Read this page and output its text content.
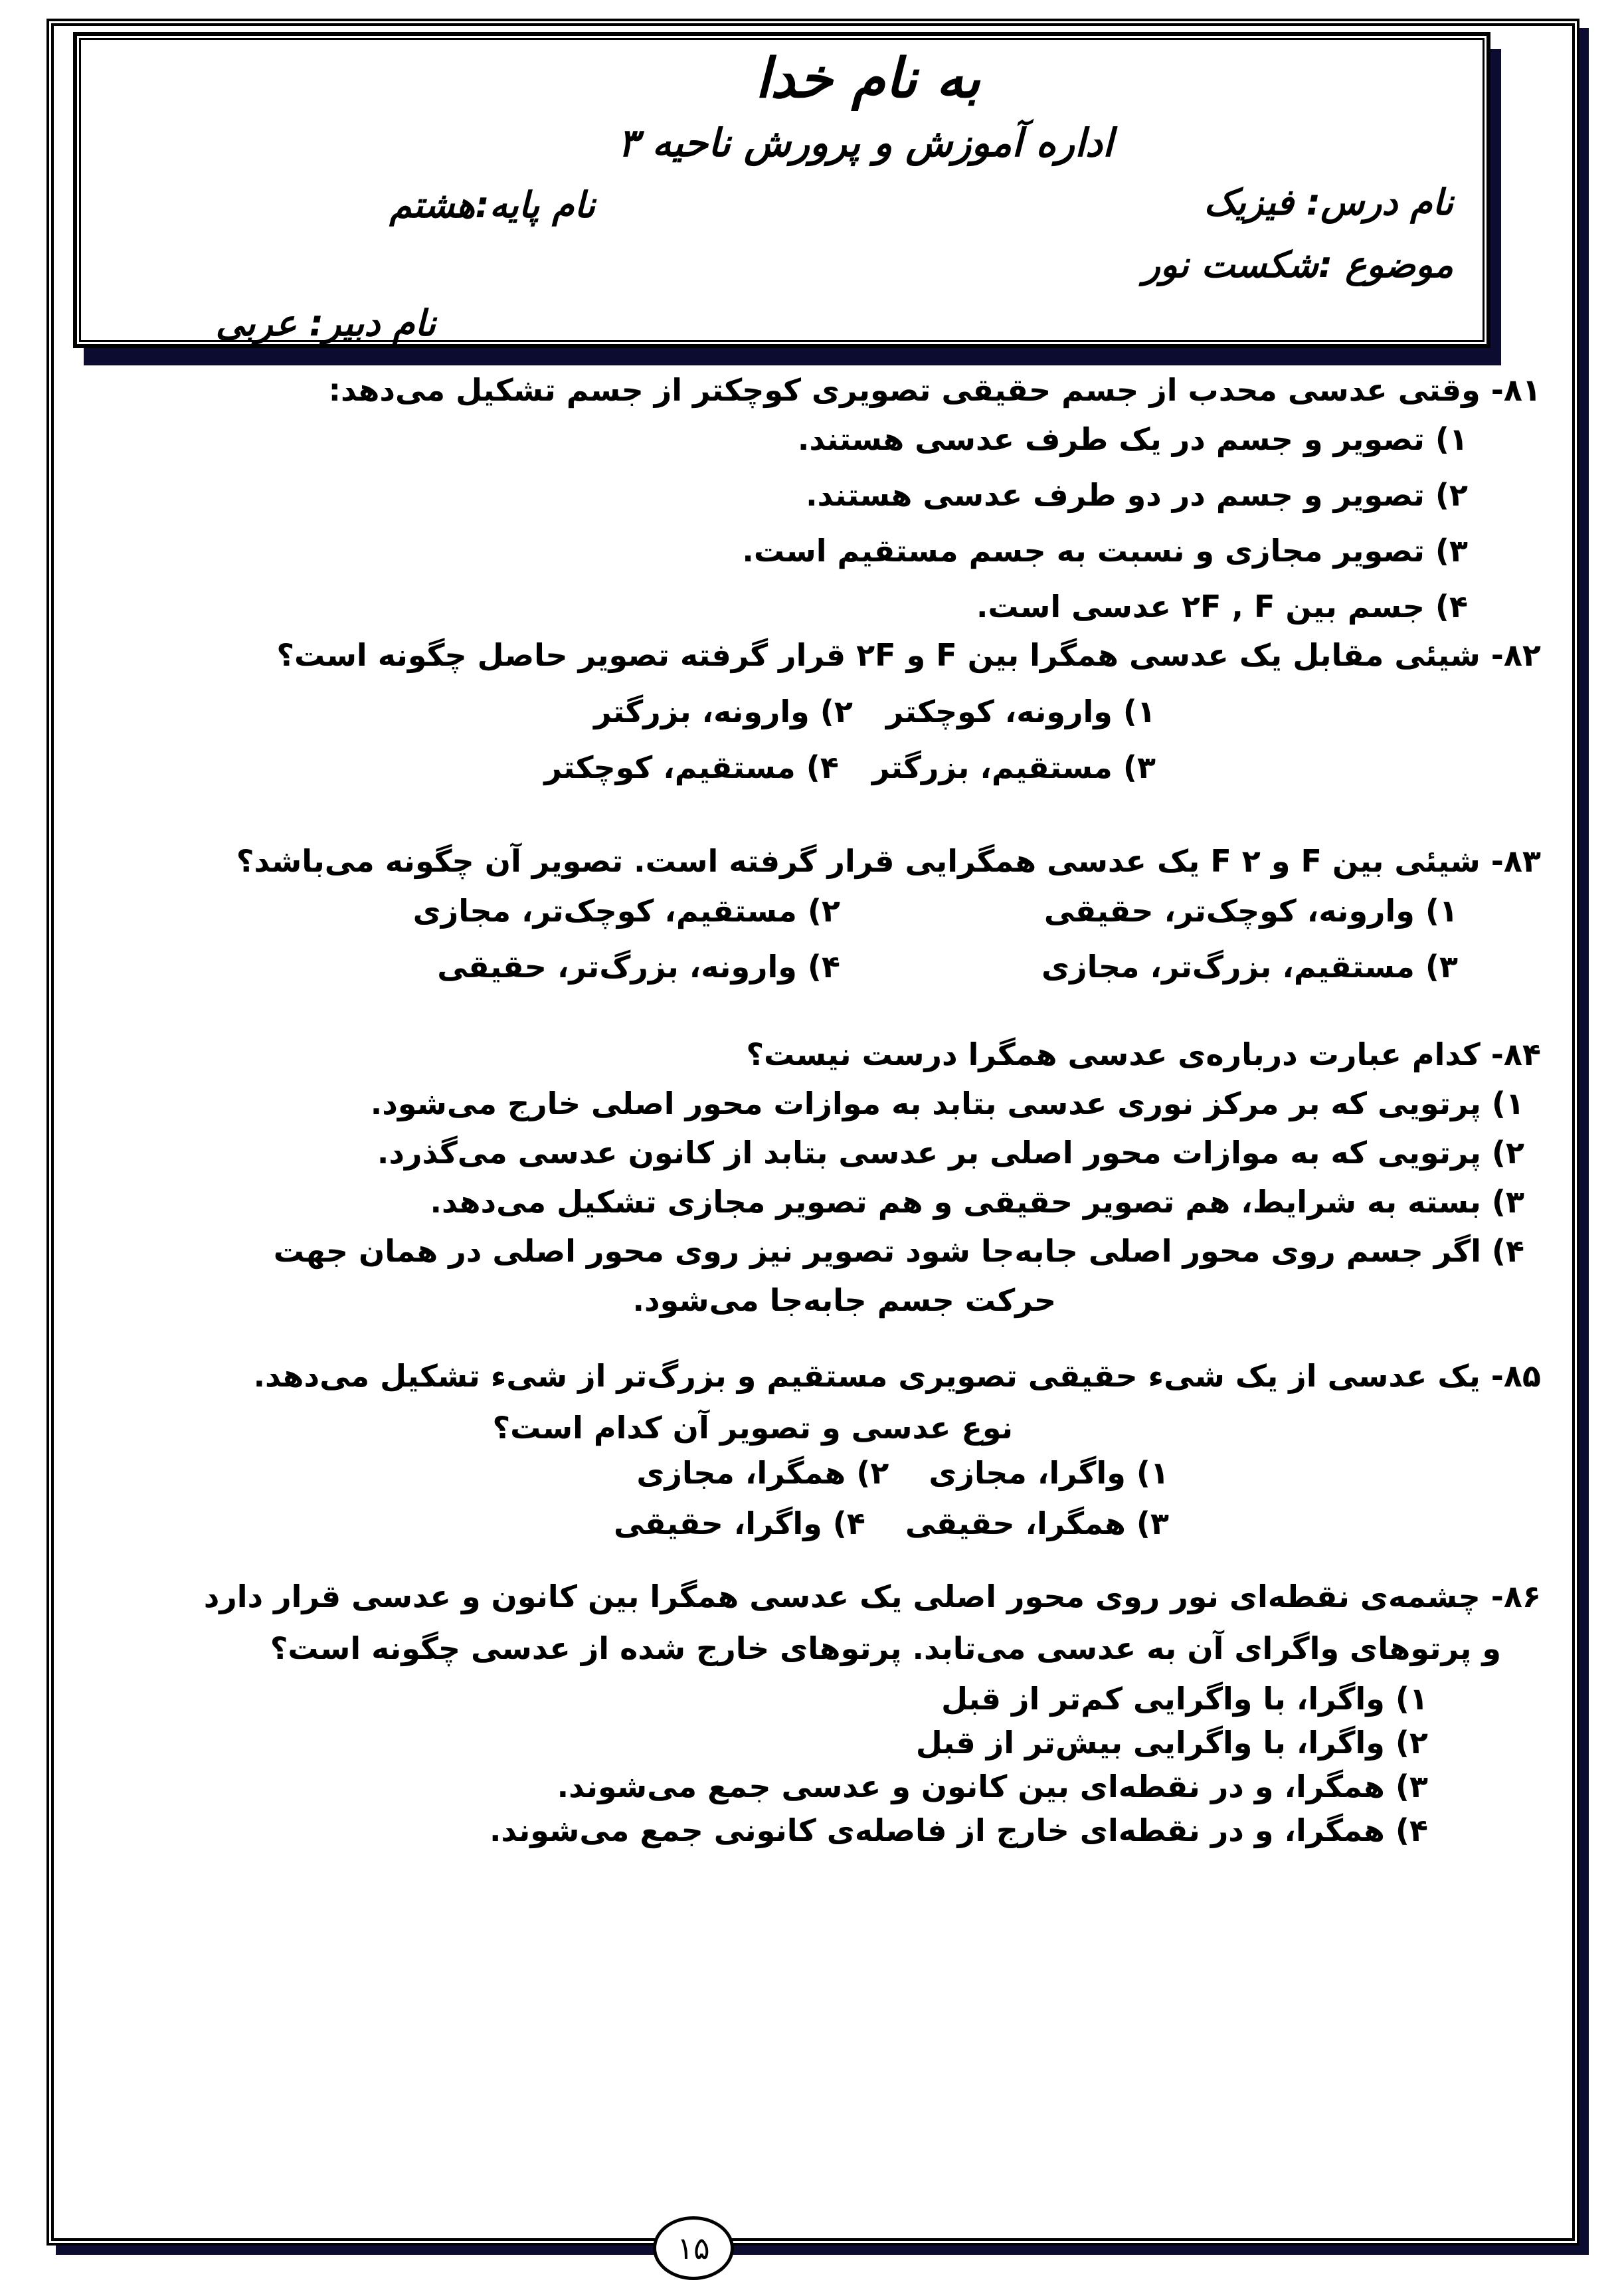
به نام خدا
اداره آموزش و پرورش ناحیه ۳
نام درس: فیزیک
نام پایه:هشتم
موضوع :شکست نور
نام دبیر: عربی
۸۱- وقتی عدسی محدب از جسم حقیقی تصویری کوچکتر از جسم تشکیل می‌دهد:
۱) تصویر و جسم در یک طرف عدسی هستند.
۲) تصویر و جسم در دو طرف عدسی هستند.
۳) تصویر مجازی و نسبت به جسم مستقیم است.
۴) جسم بین ⁦۲F , F⁩ عدسی است.
۸۲- شیئی مقابل یک عدسی همگرا بین F و ⁦۲F⁩ قرار گرفته تصویر حاصل چگونه است؟
۱) وارونه، کوچکتر۲) وارونه، بزرگتر
۳) مستقیم، بزرگتر۴) مستقیم، کوچکتر
۸۳- شیئی بین F و ۲ F یک عدسی همگرایی قرار گرفته است. تصویر آن چگونه می‌باشد؟
۱) وارونه، کوچک‌تر، حقیقی
۲) مستقیم، کوچک‌تر، مجازی
۳) مستقیم، بزرگ‌تر، مجازی
۴) وارونه، بزرگ‌تر، حقیقی
۸۴- کدام عبارت درباره‌ی عدسی همگرا درست نیست؟
۱) پرتویی که بر مرکز نوری عدسی بتابد به موازات محور اصلی خارج می‌شود.
۲) پرتویی که به موازات محور اصلی بر عدسی بتابد از کانون عدسی می‌گذرد.
۳) بسته به شرایط، هم تصویر حقیقی و هم تصویر مجازی تشکیل می‌دهد.
۴) اگر جسم روی محور اصلی جابه‌جا شود تصویر نیز روی محور اصلی در همان جهت
حرکت جسم جابه‌جا می‌شود.
۸۵- یک عدسی از یک شیء حقیقی تصویری مستقیم و بزرگ‌تر از شیء تشکیل می‌دهد.
نوع عدسی و تصویر آن کدام است؟
۱) واگرا، مجازی۲) همگرا، مجازی
۳) همگرا، حقیقی۴) واگرا، حقیقی
۸۶- چشمه‌ی نقطه‌ای نور روی محور اصلی یک عدسی همگرا بین کانون و عدسی قرار دارد
و پرتوهای واگرای آن به عدسی می‌تابد. پرتوهای خارج شده از عدسی چگونه است؟
۱) واگرا، با واگرایی کم‌تر از قبل
۲) واگرا، با واگرایی بیش‌تر از قبل
۳) همگرا، و در نقطه‌ای بین کانون و عدسی جمع می‌شوند.
۴) همگرا، و در نقطه‌ای خارج از فاصله‌ی کانونی جمع می‌شوند.
۱۵
